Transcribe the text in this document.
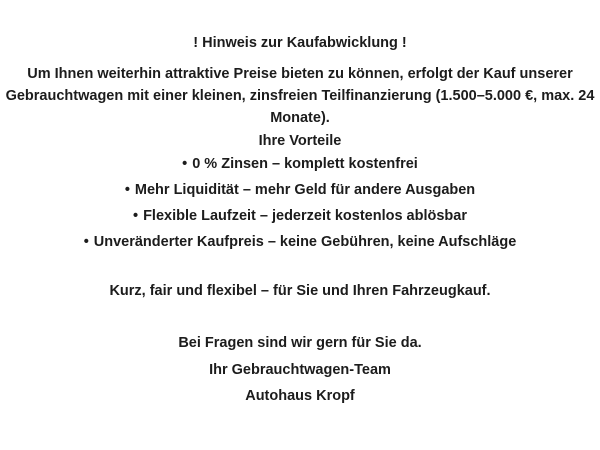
! Hinweis zur Kaufabwicklung !

Um Ihnen weiterhin attraktive Preise bieten zu können, erfolgt der Kauf unserer Gebrauchtwagen mit einer kleinen, zinsfreien Teilfinanzierung (1.500–5.000 €, max. 24 Monate).

Ihre Vorteile
• 0 % Zinsen – komplett kostenfrei
• Mehr Liquidität – mehr Geld für andere Ausgaben
• Flexible Laufzeit – jederzeit kostenlos ablösbar
• Unveränderter Kaufpreis – keine Gebühren, keine Aufschläge
Kurz, fair und flexibel – für Sie und Ihren Fahrzeugkauf.
Bei Fragen sind wir gern für Sie da.
Ihr Gebrauchtwagen-Team
Autohaus Kropf
